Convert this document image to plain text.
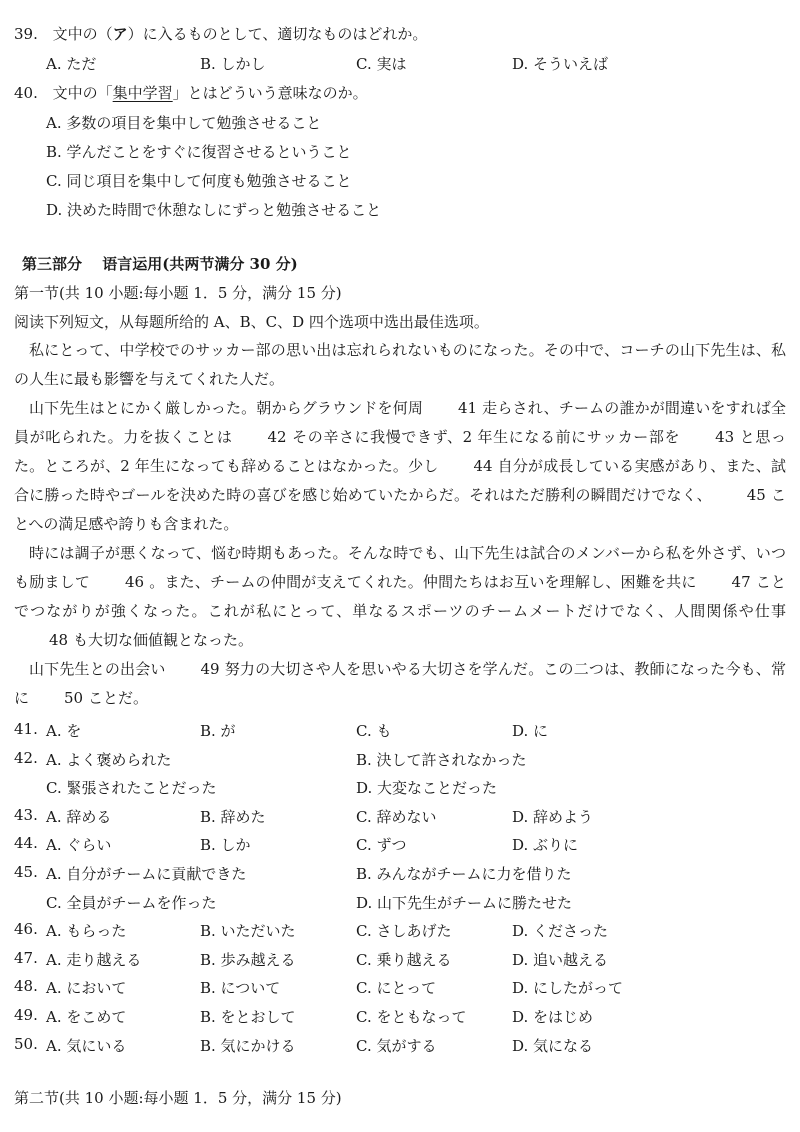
39. 文中の（ア）に入るものとして、適切なものはどれか。
A. ただ	B. しかし	C. 実は	D. そういえば
40. 文中の「集中学習」とはどういう意味なのか。
A. 多数の項目を集中して勉強させること
B. 学んだことをすぐに復習させるということ
C. 同じ項目を集中して何度も勉強させること
D. 決めた時間で休憩なしにずっと勉強させること
第三部分　 语言运用(共两节满分 30 分)
第一节(共 10 小题:每小题 1．5 分，满分 15 分)
阅读下列短文，从每题所给的 A、B、C、D 四个选项中选出最佳选项。

私にとって、中学校でのサッカー部の思い出は忘れられないものになった。その中で、コーチの山下先生は、私の人生に最も影響を与えてくれた人だ。

山下先生はとにかく厳しかった。朝からグラウンドを何周 41 走らされ、チームの誰かが間違いをすれば全員が叱られた。力を抜くことは 42 その辛さに我慢できず、2 年生になる前にサッカー部を 43 と思った。ところが、2 年生になっても辞めることはなかった。少し 44 自分が成長している実感があり、また、試合に勝った時やゴールを決めた時の喜びを感じ始めていたからだ。それはただ勝利の瞬間だけでなく、 45 ことへの満足感や誇りも含まれた。

時には調子が悪くなって、悩む時期もあった。そんな時でも、山下先生は試合のメンバーから私を外さず、いつも励まして 46 。また、チームの仲間が支えてくれた。仲間たちはお互いを理解し、困難を共に 47 ことでつながりが強くなった。これが私にとって、単なるスポーツのチームメートだけでなく、人間関係や仕事48 も大切な価値観となった。

山下先生との出会い 49 努力の大切さや人を思いやる大切さを学んだ。この二つは、教師になった今も、常に 50 ことだ。

41. A. を	B. が	C. も	D. に
42. A. よく褒められた	B. 決して許されなかった
C. 緊張されたことだった	D. 大変なことだった
43. A. 辞める	B. 辞めた	C. 辞めない	D. 辞めよう
44. A. ぐらい	B. しか	C. ずつ	D. ぶりに
45. A. 自分がチームに貢献できた	B. みんながチームに力を借りた
C. 全員がチームを作った	D. 山下先生がチームに勝たせた
46. A. もらった	B. いただいた	C. さしあげた	D. くださった
47. A. 走り越える	B. 歩み越える	C. 乗り越える	D. 追い越える
48. A. において	B. について	C. にとって	D. にしたがって
49. A. をこめて	B. をとおして	C. をともなって	D. をはじめ
50. A. 気にいる	B. 気にかける	C. 気がする	D. 気になる
第二节(共 10 小题:每小题 1．5 分，满分 15 分)
